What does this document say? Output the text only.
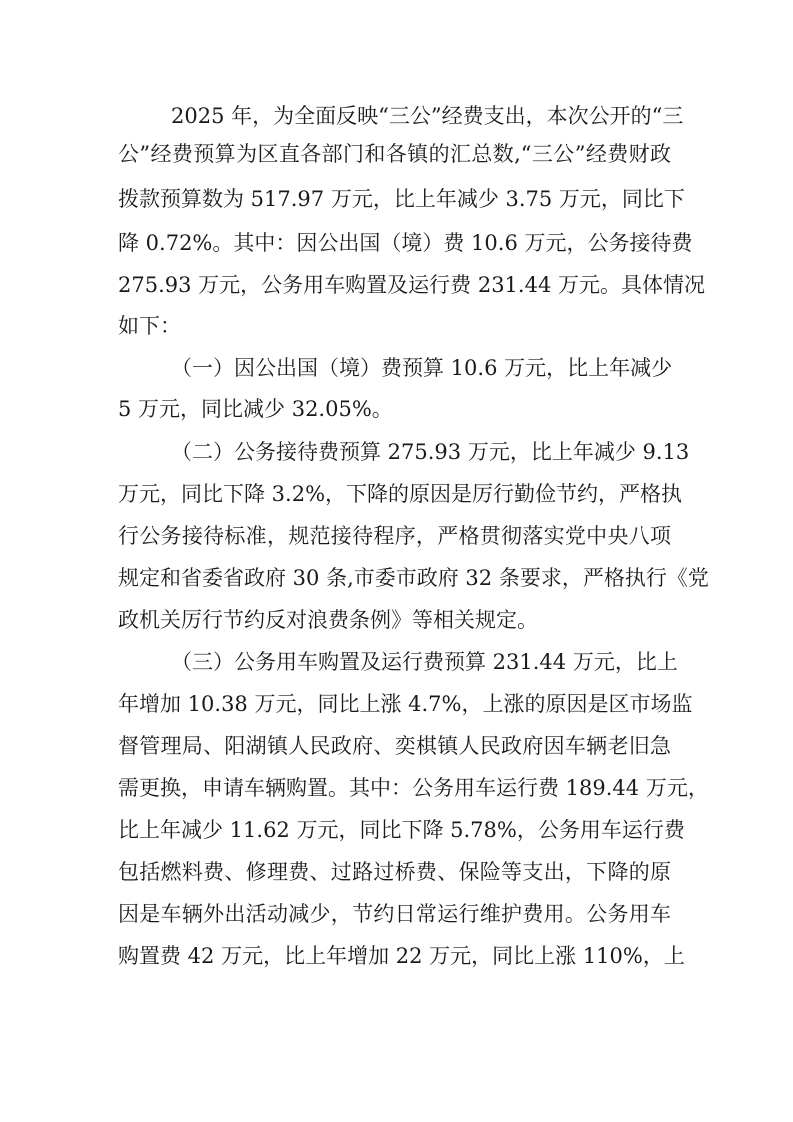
2025 年，为全面反映“三公”经费支出，本次公开的“三
公”经费预算为区直各部门和各镇的汇总数,“三公”经费财政
拨款预算数为 517.97 万元，比上年减少 3.75 万元，同比下
降 0.72%。其中：因公出国（境）费 10.6 万元，公务接待费
275.93 万元，公务用车购置及运行费 231.44 万元。具体情况
如下：
（一）因公出国（境）费预算 10.6 万元，比上年减少
5 万元，同比减少 32.05%。
（二）公务接待费预算 275.93 万元，比上年减少 9.13
万元，同比下降 3.2%，下降的原因是厉行勤俭节约，严格执
行公务接待标准，规范接待程序，严格贯彻落实党中央八项
规定和省委省政府 30 条,市委市政府 32 条要求，严格执行《党
政机关厉行节约反对浪费条例》等相关规定。
（三）公务用车购置及运行费预算 231.44 万元，比上
年增加 10.38 万元，同比上涨 4.7%，上涨的原因是区市场监
督管理局、阳湖镇人民政府、奕棋镇人民政府因车辆老旧急
需更换，申请车辆购置。其中：公务用车运行费 189.44 万元，
比上年减少 11.62 万元，同比下降 5.78%，公务用车运行费
包括燃料费、修理费、过路过桥费、保险等支出，下降的原
因是车辆外出活动减少，节约日常运行维护费用。公务用车
购置费 42 万元，比上年增加 22 万元，同比上涨 110%，上
